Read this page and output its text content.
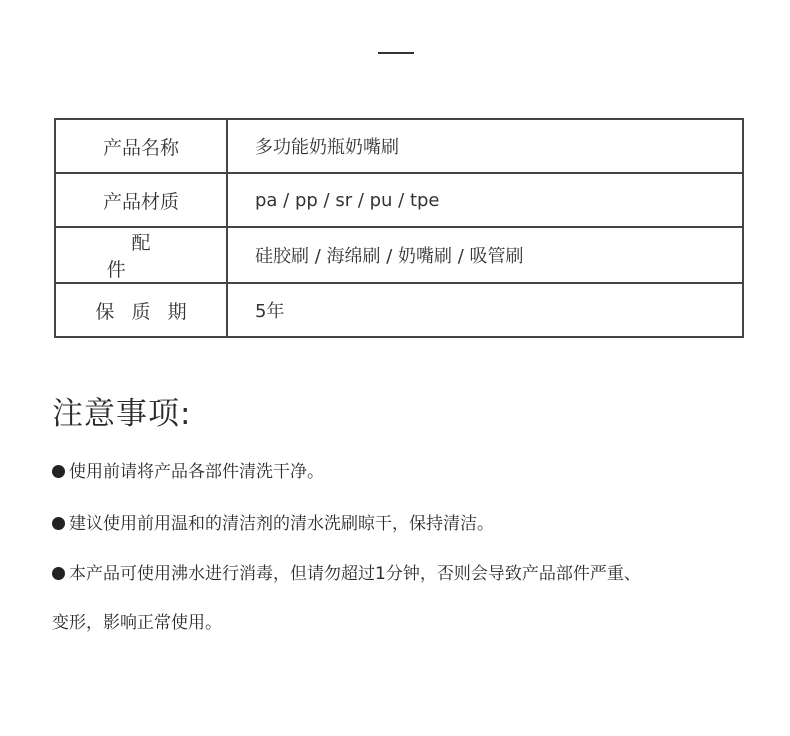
产品名称	多功能奶瓶奶嘴刷
产品材质	pa / pp / sr / pu / tpe
配件	硅胶刷 / 海绵刷 / 奶嘴刷 / 吸管刷
保质期	5年
注意事项:

使用前请将产品各部件清洗干净。

建议使用前用温和的清洁剂的清水洗刷晾干，保持清洁。

本产品可使用沸水进行消毒，但请勿超过1分钟，否则会导致产品部件严重、

变形，影响正常使用。
